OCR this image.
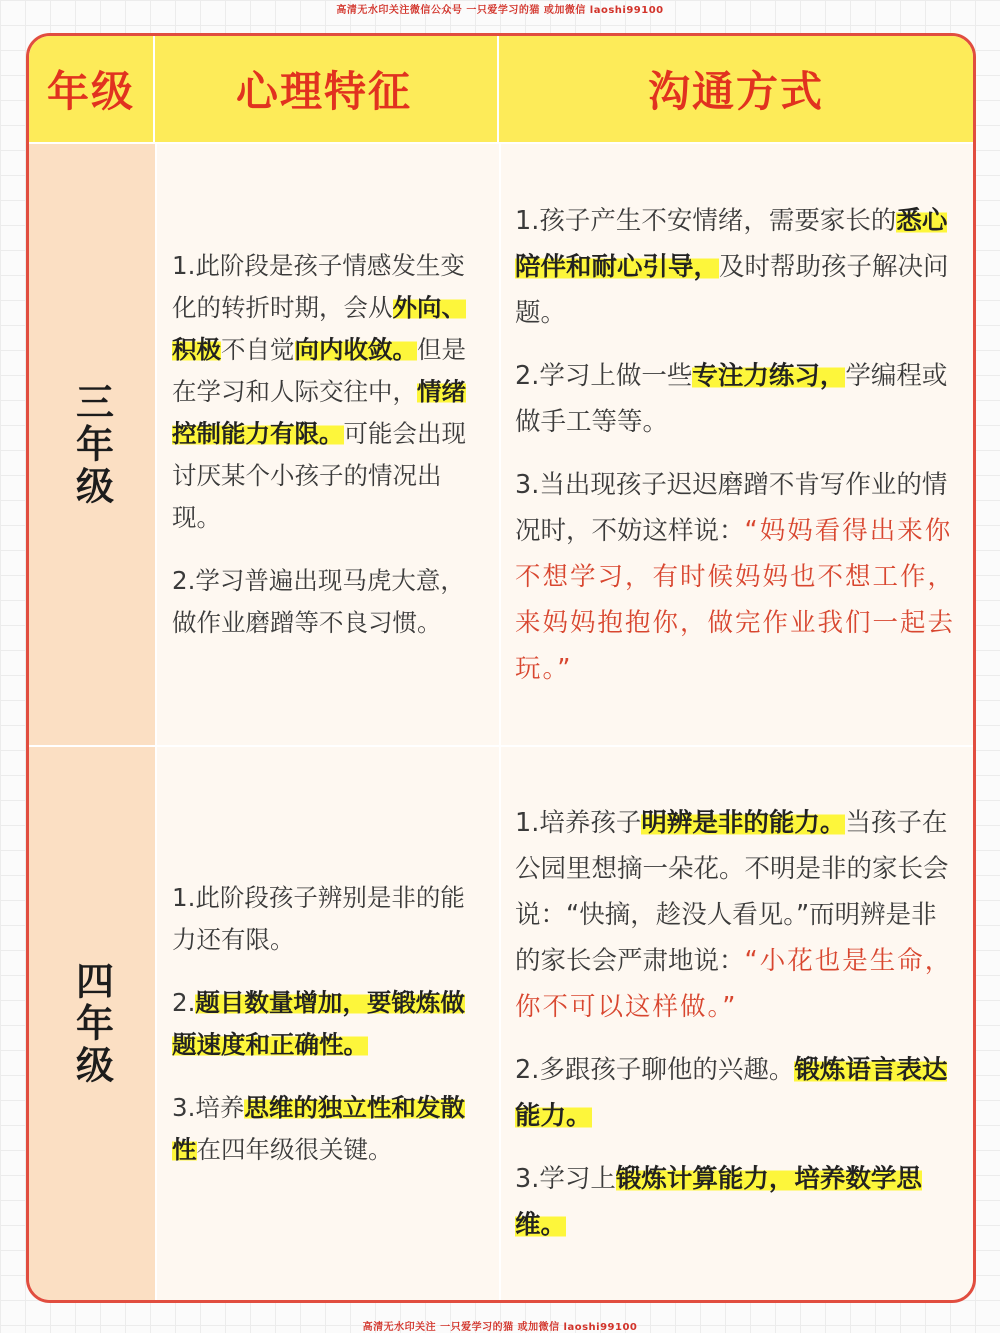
高清无水印关注微信公众号 一只爱学习的猫 或加微信 laoshi99100
年级	心理特征	沟通方式
三年级

1.此阶段是孩子情感发生变化的转折时期，会从外向、积极不自觉向内收敛。但是在学习和人际交往中，情绪控制能力有限。可能会出现讨厌某个小孩子的情况出现。

2.学习普遍出现马虎大意，做作业磨蹭等不良习惯。

1.孩子产生不安情绪，需要家长的悉心陪伴和耐心引导，及时帮助孩子解决问题。

2.学习上做一些专注力练习，学编程或做手工等等。

3.当出现孩子迟迟磨蹭不肯写作业的情况时，不妨这样说：“妈妈看得出来你不想学习，有时候妈妈也不想工作，来妈妈抱抱你，做完作业我们一起去玩。”

四年级

1.此阶段孩子辨别是非的能力还有限。

2.题目数量增加，要锻炼做题速度和正确性。

3.培养思维的独立性和发散性在四年级很关键。

1.培养孩子明辨是非的能力。当孩子在公园里想摘一朵花。不明是非的家长会说：“快摘，趁没人看见。”而明辨是非的家长会严肃地说：“小花也是生命，你不可以这样做。”

2.多跟孩子聊他的兴趣。锻炼语言表达能力。

3.学习上锻炼计算能力，培养数学思维。

高清无水印关注 一只爱学习的猫 或加微信 laoshi99100
